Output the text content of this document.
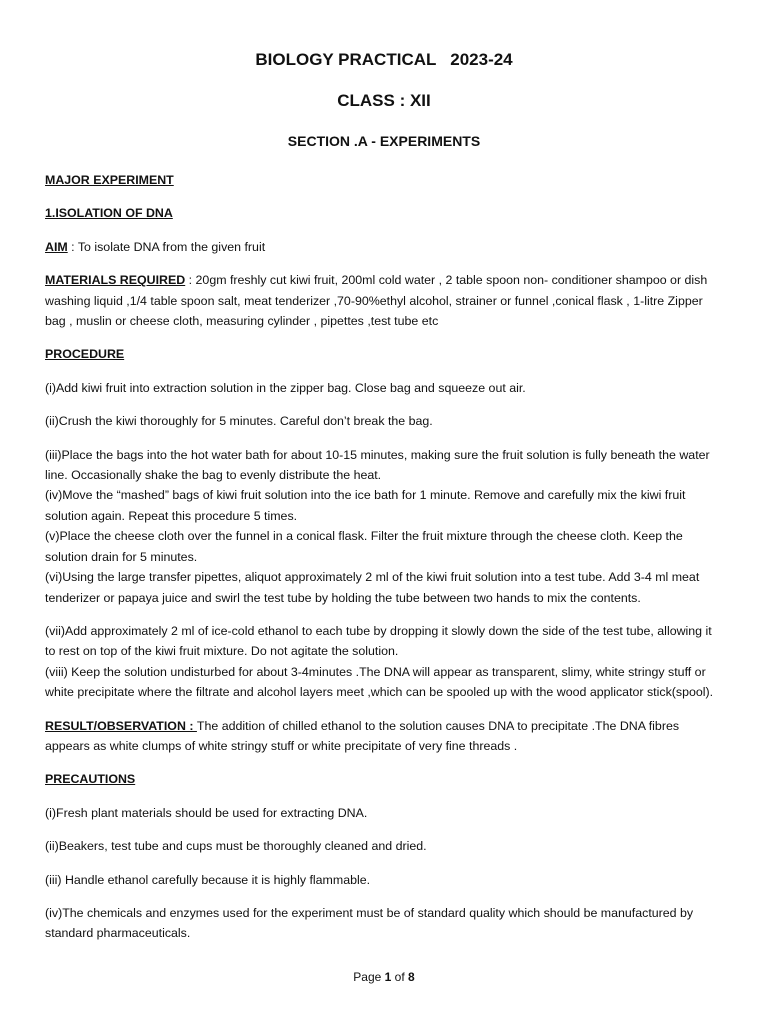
BIOLOGY PRACTICAL   2023-24
CLASS : XII
SECTION .A - EXPERIMENTS

MAJOR EXPERIMENT

1.ISOLATION OF DNA

AIM : To isolate DNA from the given fruit

MATERIALS REQUIRED : 20gm freshly cut kiwi fruit, 200ml cold water , 2 table spoon non- conditioner shampoo or dish washing liquid ,1/4 table spoon salt, meat tenderizer ,70-90%ethyl alcohol, strainer or funnel ,conical flask , 1-litre Zipper bag , muslin or cheese cloth, measuring cylinder , pipettes ,test tube etc

PROCEDURE

(i)Add kiwi fruit into extraction solution in the zipper bag. Close bag and squeeze out air.

(ii)Crush the kiwi thoroughly for 5 minutes. Careful don’t break the bag.

(iii)Place the bags into the hot water bath for about 10-15 minutes, making sure the fruit solution is fully beneath the water line. Occasionally shake the bag to evenly distribute the heat.

(iv)Move the “mashed” bags of kiwi fruit solution into the ice bath for 1 minute. Remove and carefully mix the kiwi fruit solution again. Repeat this procedure 5 times.

(v)Place the cheese cloth over the funnel in a conical flask. Filter the fruit mixture through the cheese cloth. Keep the solution drain for 5 minutes.

(vi)Using the large transfer pipettes, aliquot approximately 2 ml of the kiwi fruit solution into a test tube. Add 3-4 ml meat tenderizer or papaya juice and swirl the test tube by holding the tube between two hands to mix the contents.

(vii)Add approximately 2 ml of ice-cold ethanol to each tube by dropping it slowly down the side of the test tube, allowing it to rest on top of the kiwi fruit mixture. Do not agitate the solution.

(viii) Keep the solution undisturbed for about 3-4minutes .The DNA will appear as transparent, slimy, white stringy stuff or white precipitate where the filtrate and alcohol layers meet ,which can be spooled up with the wood applicator stick(spool).

RESULT/OBSERVATION : The addition of chilled ethanol to the solution causes DNA to precipitate .The DNA fibres appears as white clumps of white stringy stuff or white precipitate of very fine threads .

PRECAUTIONS

(i)Fresh plant materials should be used for extracting DNA.

(ii)Beakers, test tube and cups must be thoroughly cleaned and dried.

(iii) Handle ethanol carefully because it is highly flammable.

(iv)The chemicals and enzymes used for the experiment must be of standard quality which should be manufactured by standard pharmaceuticals.

Page 1 of 8
